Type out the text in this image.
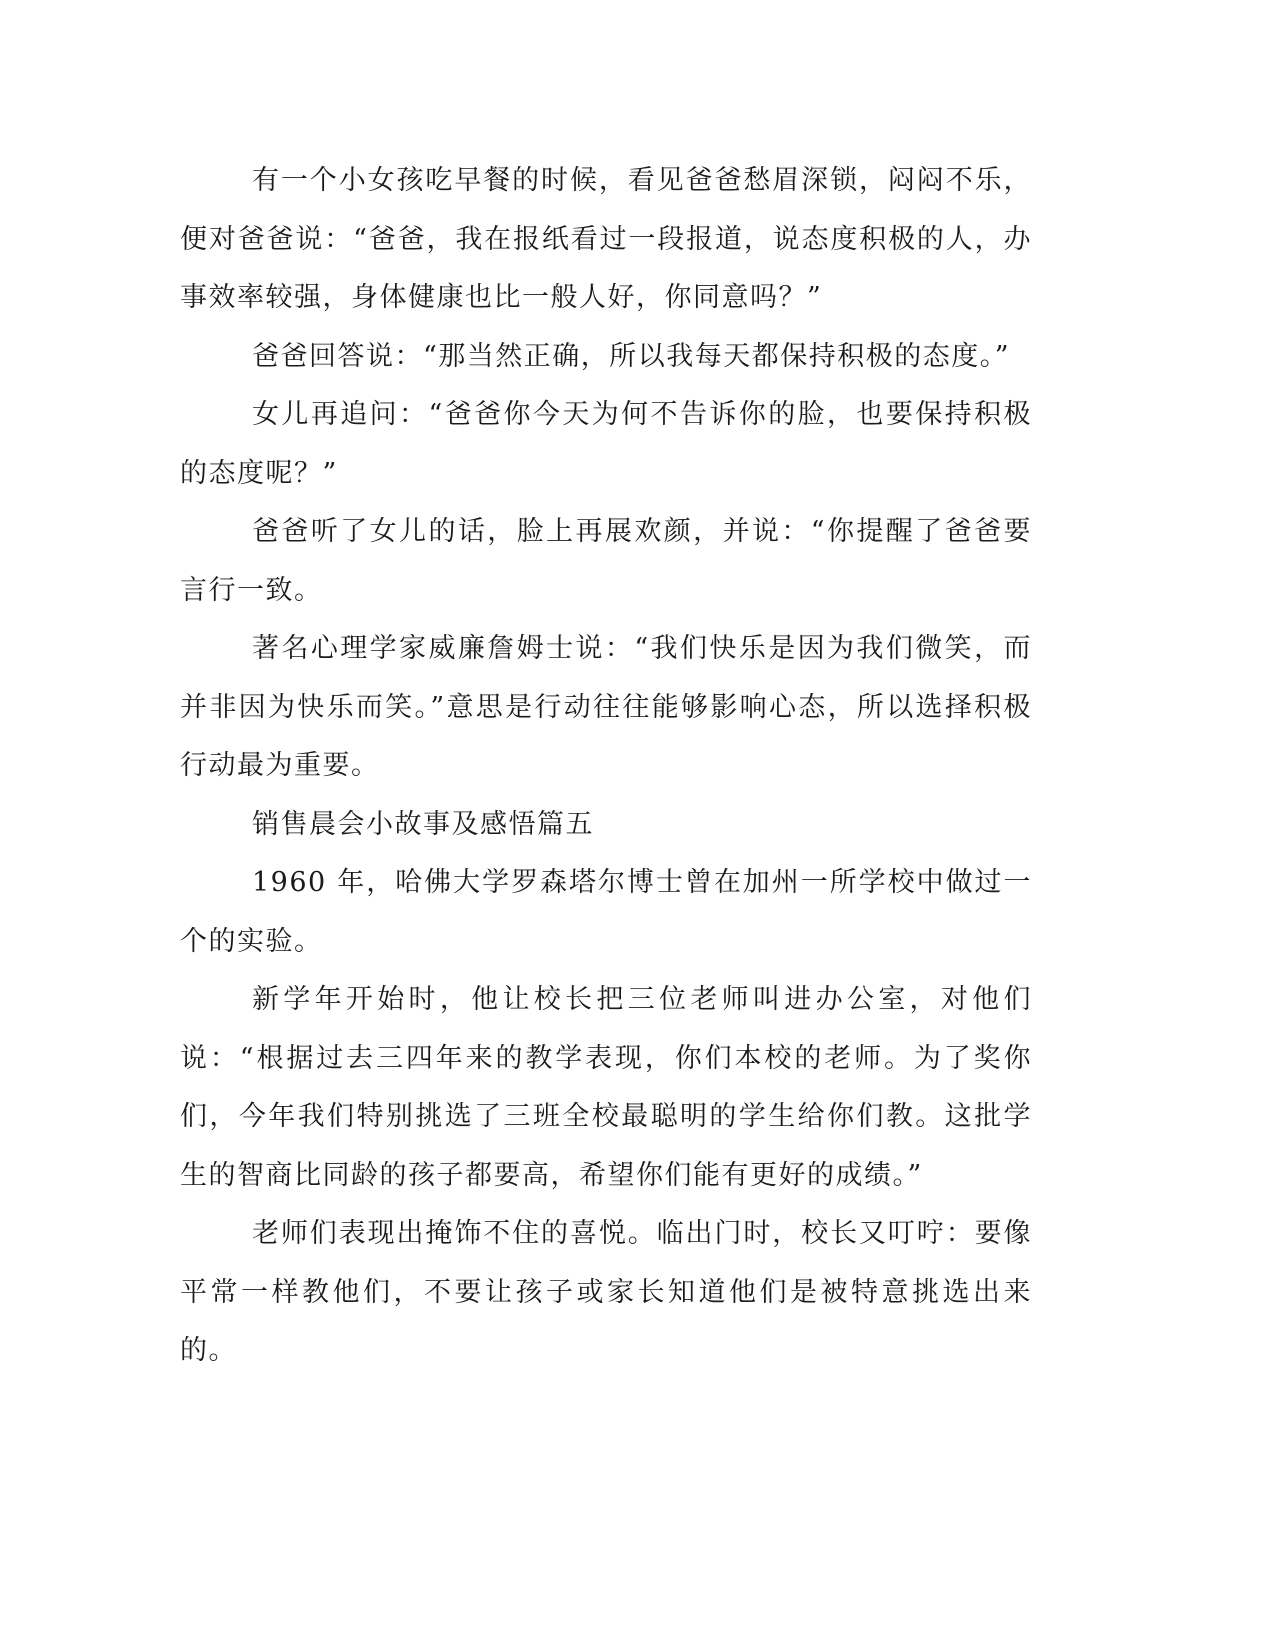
有一个小女孩吃早餐的时候，看见爸爸愁眉深锁，闷闷不乐，便对爸爸说：“爸爸，我在报纸看过一段报道，说态度积极的人，办事效率较强，身体健康也比一般人好，你同意吗？”

爸爸回答说：“那当然正确，所以我每天都保持积极的态度。”

女儿再追问：“爸爸你今天为何不告诉你的脸，也要保持积极的态度呢？”

爸爸听了女儿的话，脸上再展欢颜，并说：“你提醒了爸爸要言行一致。

著名心理学家威廉詹姆士说：“我们快乐是因为我们微笑，而并非因为快乐而笑。”意思是行动往往能够影响心态，所以选择积极行动最为重要。

销售晨会小故事及感悟篇五

1960 年，哈佛大学罗森塔尔博士曾在加州一所学校中做过一个的实验。

新学年开始时，他让校长把三位老师叫进办公室，对他们说：“根据过去三四年来的教学表现，你们本校的老师。为了奖你们，今年我们特别挑选了三班全校最聪明的学生给你们教。这批学生的智商比同龄的孩子都要高，希望你们能有更好的成绩。”

老师们表现出掩饰不住的喜悦。临出门时，校长又叮咛：要像平常一样教他们，不要让孩子或家长知道他们是被特意挑选出来的。
